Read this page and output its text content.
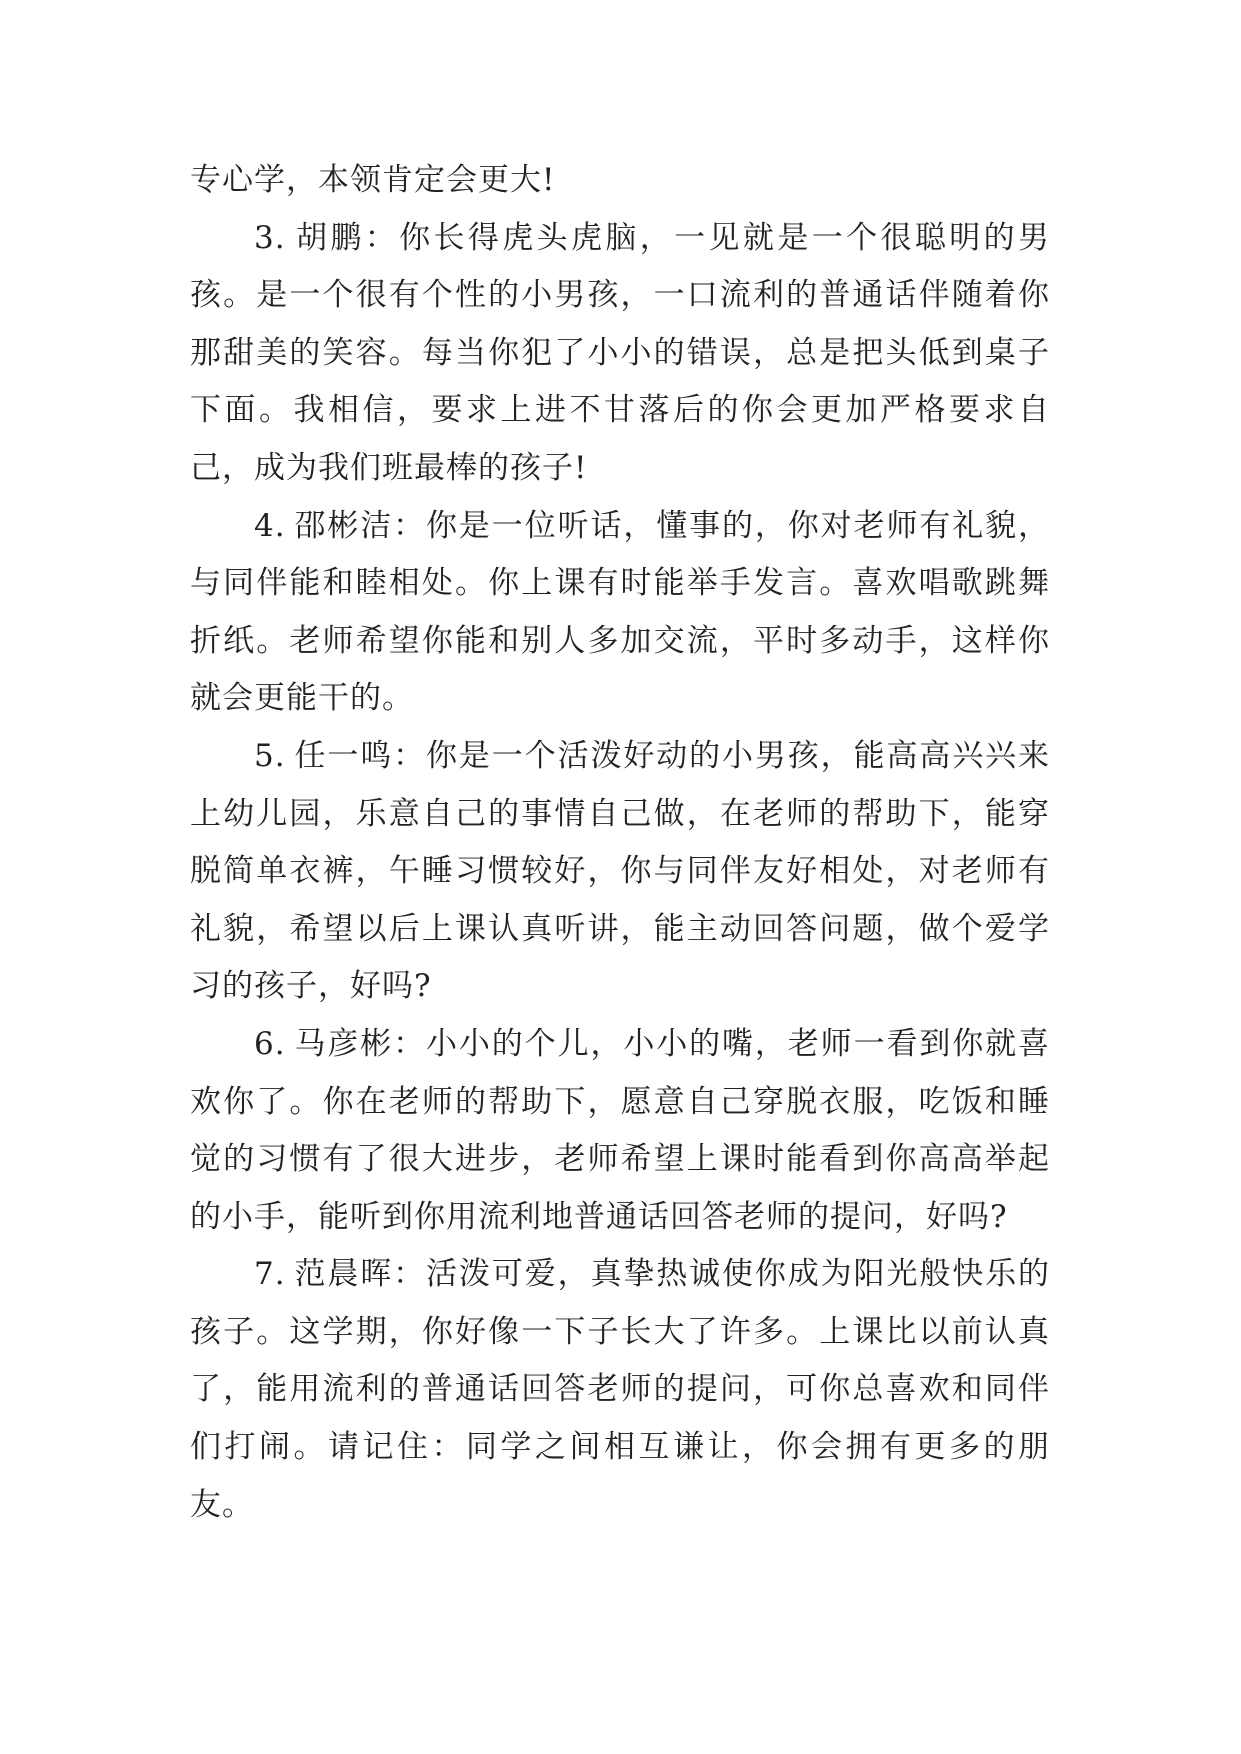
专心学，本领肯定会更大!

3. 胡鹏：你长得虎头虎脑，一见就是一个很聪明的男孩。是一个很有个性的小男孩，一口流利的普通话伴随着你那甜美的笑容。每当你犯了小小的错误，总是把头低到桌子下面。我相信，要求上进不甘落后的你会更加严格要求自己，成为我们班最棒的孩子!

4. 邵彬洁：你是一位听话，懂事的，你对老师有礼貌，与同伴能和睦相处。你上课有时能举手发言。喜欢唱歌跳舞折纸。老师希望你能和别人多加交流，平时多动手，这样你就会更能干的。

5. 任一鸣：你是一个活泼好动的小男孩，能高高兴兴来上幼儿园，乐意自己的事情自己做，在老师的帮助下，能穿脱简单衣裤，午睡习惯较好，你与同伴友好相处，对老师有礼貌，希望以后上课认真听讲，能主动回答问题，做个爱学习的孩子，好吗?

6. 马彦彬：小小的个儿，小小的嘴，老师一看到你就喜欢你了。你在老师的帮助下，愿意自己穿脱衣服，吃饭和睡觉的习惯有了很大进步，老师希望上课时能看到你高高举起的小手，能听到你用流利地普通话回答老师的提问，好吗?

7. 范晨晖：活泼可爱，真挚热诚使你成为阳光般快乐的孩子。这学期，你好像一下子长大了许多。上课比以前认真了，能用流利的普通话回答老师的提问，可你总喜欢和同伴们打闹。请记住：同学之间相互谦让，你会拥有更多的朋友。
